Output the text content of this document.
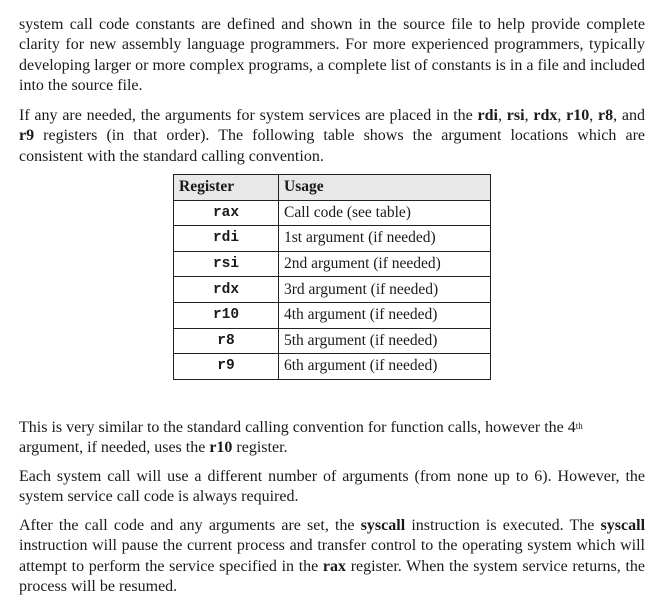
system call code constants are defined and shown in the source file to help provide complete clarity for new assembly language programmers. For more experienced programmers, typically developing larger or more complex programs, a complete list of constants is in a file and included into the source file.

If any are needed, the arguments for system services are placed in the rdi, rsi, rdx, r10, r8, and r9 registers (in that order). The following table shows the argument locations which are consistent with the standard calling convention.

Register	Usage
rax	Call code (see table)
rdi	1st argument (if needed)
rsi	2nd argument (if needed)
rdx	3rd argument (if needed)
r10	4th argument (if needed)
r8	5th argument (if needed)
r9	6th argument (if needed)

This is very similar to the standard calling convention for function calls, however the 4th argument, if needed, uses the r10 register.

Each system call will use a different number of arguments (from none up to 6). However, the system service call code is always required.

After the call code and any arguments are set, the syscall instruction is executed. The syscall instruction will pause the current process and transfer control to the operating system which will attempt to perform the service specified in the rax register. When the system service returns, the process will be resumed.
